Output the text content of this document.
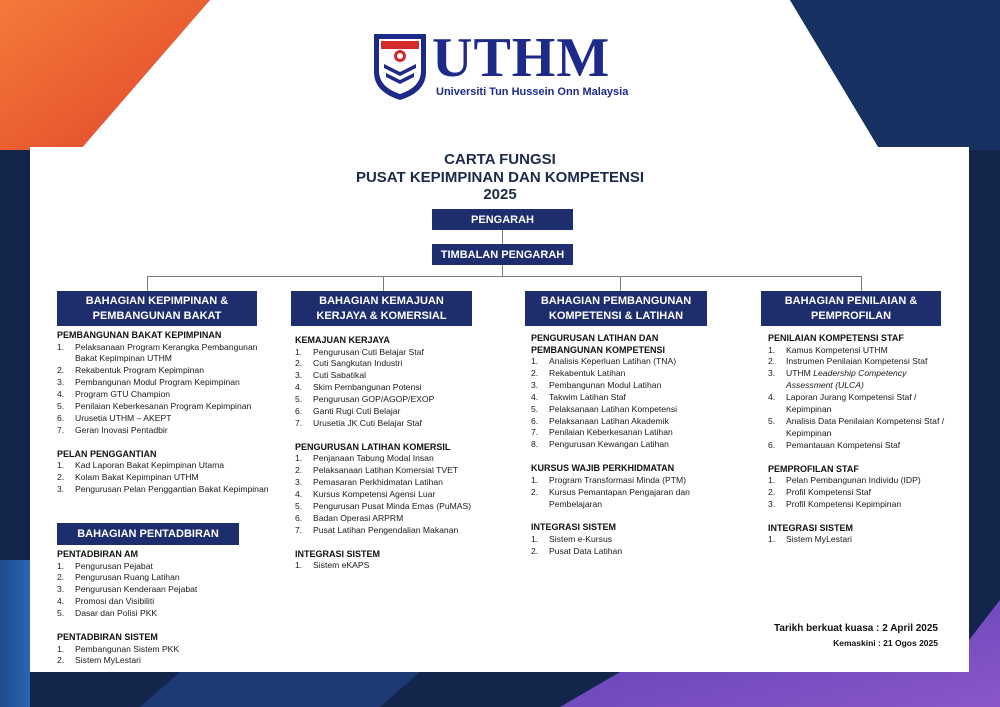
UTHM
Universiti Tun Hussein Onn Malaysia
CARTA FUNGSI
PUSAT KEPIMPINAN DAN KOMPETENSI
2025
PENGARAH
TIMBALAN PENGARAH
BAHAGIAN KEPIMPINAN & PEMBANGUNAN BAKAT
BAHAGIAN KEMAJUAN KERJAYA & KOMERSIAL
BAHAGIAN PEMBANGUNAN KOMPETENSI & LATIHAN
BAHAGIAN PENILAIAN & PEMPROFILAN
PEMBANGUNAN BAKAT KEPIMPINAN
1. Pelaksanaan Program Kerangka Pembangunan Bakat Kepimpinan UTHM
2. Rekabentuk Program Kepimpinan
3. Pembangunan Modul Program Kepimpinan
4. Program GTU Champion
5. Penilaian Keberkesanan Program Kepimpinan
6. Urusetia UTHM – AKEPT
7. Geran Inovasi Pentadbir
PELAN PENGGANTIAN
1. Kad Laporan Bakat Kepimpinan Utama
2. Kolam Bakat Kepimpinan UTHM
3. Pengurusan Pelan Penggantian Bakat Kepimpinan
BAHAGIAN PENTADBIRAN
PENTADBIRAN AM
1. Pengurusan Pejabat
2. Pengurusan Ruang Latihan
3. Pengurusan Kenderaan Pejabat
4. Promosi dan Visibiliti
5. Dasar dan Polisi PKK
PENTADBIRAN SISTEM
1. Pembangunan Sistem PKK
2. Sistem MyLestari
KEMAJUAN KERJAYA
1. Pengurusan Cuti Belajar Staf
2. Cuti Sangkutan Industri
3. Cuti Sabatikal
4. Skim Pembangunan Potensi
5. Pengurusan GOP/AGOP/EXOP
6. Ganti Rugi Cuti Belajar
7. Urusetia JK Cuti Belajar Staf
PENGURUSAN LATIHAN KOMERSIL
1. Penjanaan Tabung Modal Insan
2. Pelaksanaan Latihan Komersial TVET
3. Pemasaran Perkhidmatan Latihan
4. Kursus Kompetensi Agensi Luar
5. Pengurusan Pusat Minda Emas (PuMAS)
6. Badan Operasi ARPRM
7. Pusat Latihan Pengendalian Makanan
INTEGRASI SISTEM
1. Sistem eKAPS
PENGURUSAN LATIHAN DAN PEMBANGUNAN KOMPETENSI
1. Analisis Keperluan Latihan (TNA)
2. Rekabentuk Latihan
3. Pembangunan Modul Latihan
4. Takwim Latihan Staf
5. Pelaksanaan Latihan Kompetensi
6. Pelaksanaan Latihan Akademik
7. Penilaian Keberkesanan Latihan
8. Pengurusan Kewangan Latihan
KURSUS WAJIB PERKHIDMATAN
1. Program Transformasi Minda (PTM)
2. Kursus Pemantapan Pengajaran dan Pembelajaran
INTEGRASI SISTEM
1. Sistem e-Kursus
2. Pusat Data Latihan
PENILAIAN KOMPETENSI STAF
1. Kamus Kompetensi UTHM
2. Instrumen Penilaian Kompetensi Staf
3. UTHM Leadership Competency Assessment (ULCA)
4. Laporan Jurang Kompetensi Staf / Kepimpinan
5. Analisis Data Penilaian Kompetensi Staf / Kepimpinan
6. Pemantauan Kompetensi Staf
PEMPROFILAN STAF
1. Pelan Pembangunan Individu (IDP)
2. Profil Kompetensi Staf
3. Profil Kompetensi Kepimpinan
INTEGRASI SISTEM
1. Sistem MyLestari
Tarikh berkuat kuasa : 2 April 2025
Kemaskini : 21 Ogos 2025
